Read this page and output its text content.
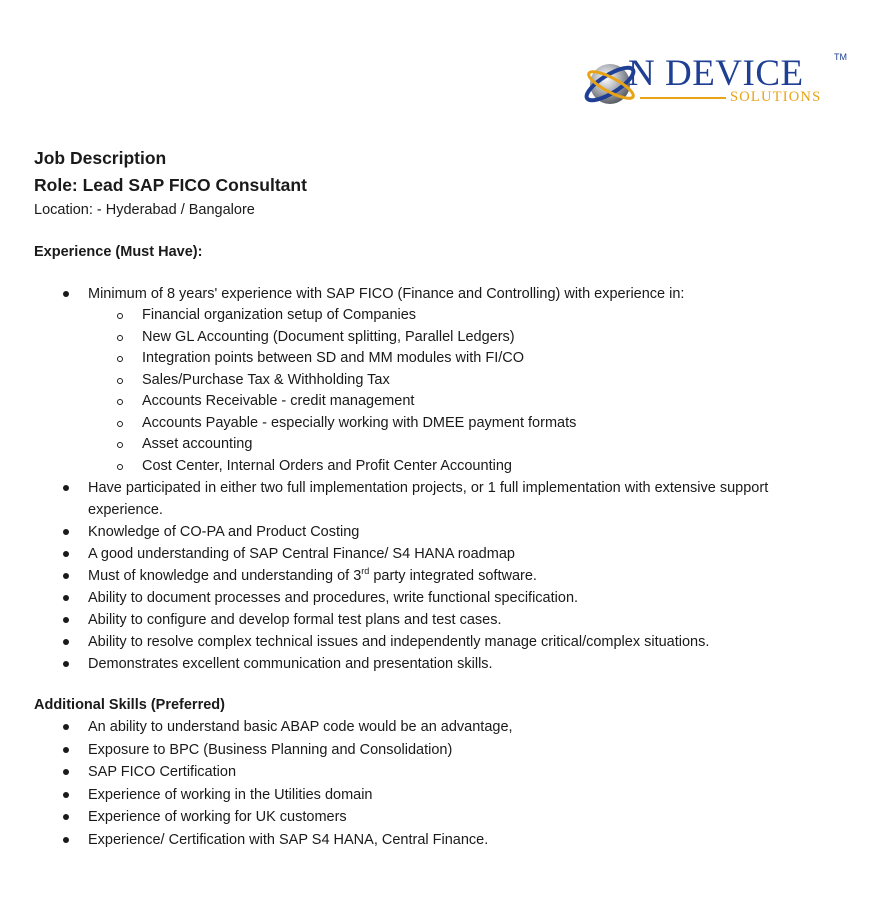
N DEVICE
SOLUTIONS
TM
Job Description
Role: Lead SAP FICO Consultant
Location: - Hyderabad / Bangalore
Experience (Must Have):
Minimum of 8 years' experience with SAP FICO (Finance and Controlling) with experience in:
Financial organization setup of Companies
New GL Accounting (Document splitting, Parallel Ledgers)
Integration points between SD and MM modules with FI/CO
Sales/Purchase Tax & Withholding Tax
Accounts Receivable - credit management
Accounts Payable - especially working with DMEE payment formats
Asset accounting
Cost Center, Internal Orders and Profit Center Accounting
Have participated in either two full implementation projects, or 1 full implementation with extensive support experience.
Knowledge of CO-PA and Product Costing
A good understanding of SAP Central Finance/ S4 HANA roadmap
Must of knowledge and understanding of 3rd party integrated software.
Ability to document processes and procedures, write functional specification.
Ability to configure and develop formal test plans and test cases.
Ability to resolve complex technical issues and independently manage critical/complex situations.
Demonstrates excellent communication and presentation skills.
Additional Skills (Preferred)
An ability to understand basic ABAP code would be an advantage,
Exposure to BPC (Business Planning and Consolidation)
SAP FICO Certification
Experience of working in the Utilities domain
Experience of working for UK customers
Experience/ Certification with SAP S4 HANA, Central Finance.
